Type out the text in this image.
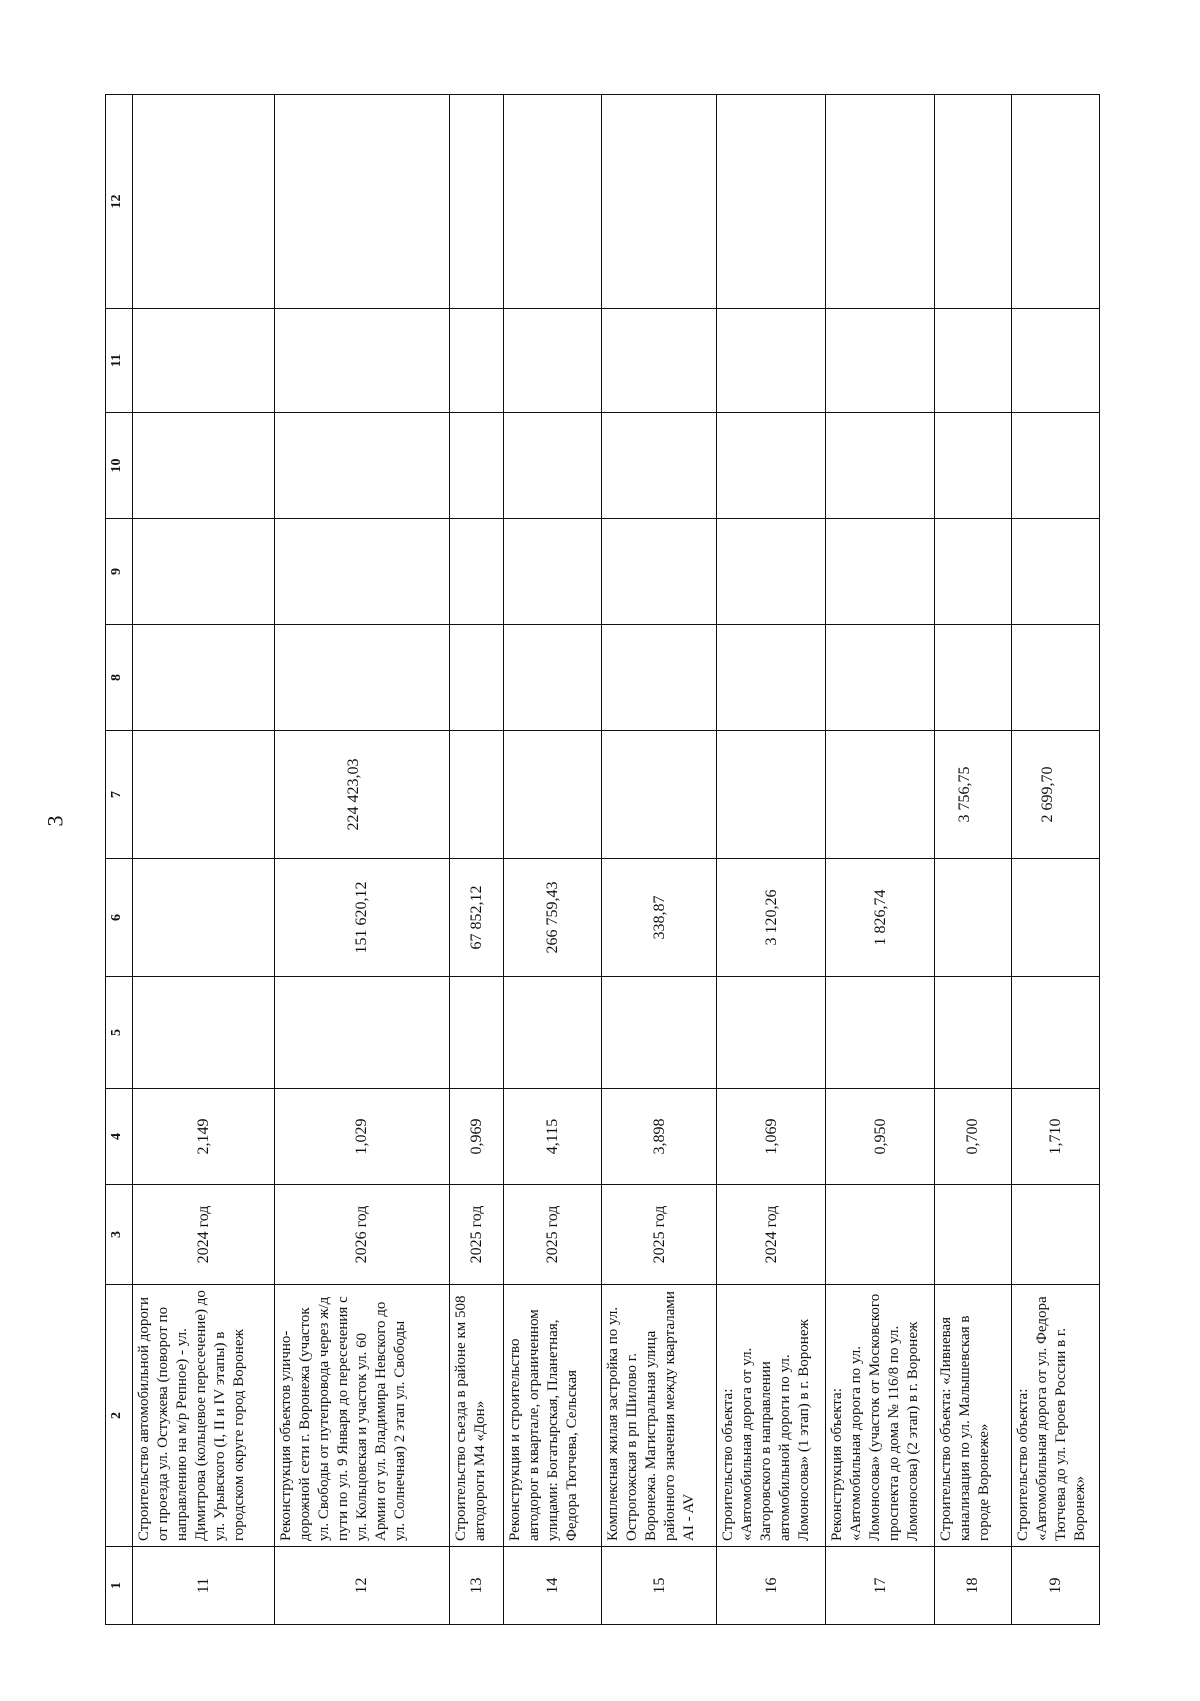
3
1	2	3	4	5	6	7	8	9	10	11	12
11	Строительство автомобильной дороги от проезда ул. Остужева (поворот по направлению на м/р Репное) - ул. Димитрова (кольцевое пересечение) до ул. Урывского (I, II и IV этапы) в городском округе город Воронеж	2024 год	2,149								
12	Реконструкция объектов улично-дорожной сети г. Воронежа (участок ул. Свободы от путепровода через ж/д пути по ул. 9 Января до пересечения с ул. Кольцовская и участок ул. 60 Армии от ул. Владимира Невского до ул. Солнечная) 2 этап ул. Свободы	2026 год	1,029		151 620,12	224 423,03					
13	Строительство съезда в районе км 508 автодороги М4 «Дон»	2025 год	0,969		67 852,12						
14	Реконструкция и строительство автодорог в квартале, ограниченном улицами: Богатырская, Планетная, Федора Тютчева, Сельская	2025 год	4,115		266 759,43						
15	Комплексная жилая застройка по ул. Острогожская в рп Шилово г. Воронежа. Магистральная улица районного значения между кварталами AI - AV	2025 год	3,898		338,87						
16	Строительство объекта: «Автомобильная дорога от ул. Загоровского в направлении автомобильной дороги по ул. Ломоносова» (1 этап) в г. Воронеж	2024 год	1,069		3 120,26						
17	Реконструкция объекта: «Автомобильная дорога по ул. Ломоносова» (участок от Московского проспекта до дома № 116/8 по ул. Ломоносова) (2 этап) в г. Воронеж		0,950		1 826,74						
18	Строительство объекта: «Ливневая канализация по ул. Малышевская в городе Воронеже»		0,700			3 756,75					
19	Строительство объекта: «Автомобильная дорога от ул. Федора Тютчева до ул. Героев России в г. Воронеж»		1,710			2 699,70					
